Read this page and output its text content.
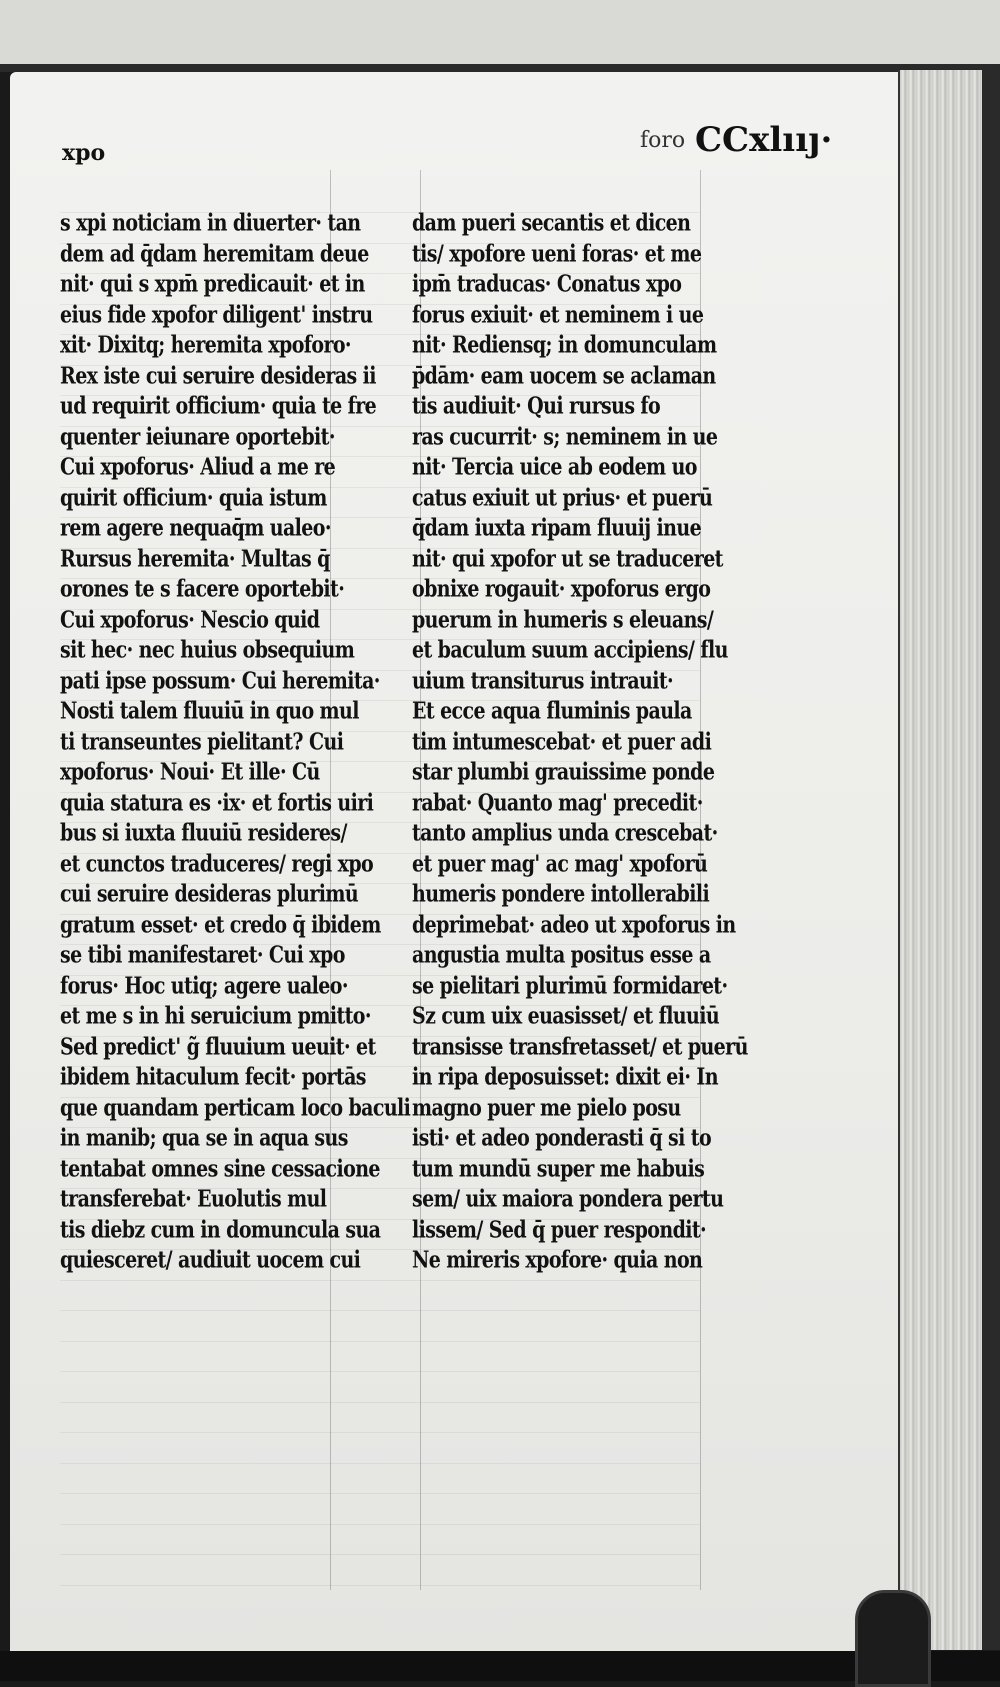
xpo	foro CCxlııȷ·
s xpi noticiam in diuerter· tan
dem ad q̄dam heremitam deue
nit· qui s xpm̄ predicauit· et in
eius fide xpofor diligent' instru
xit· Dixitq; heremita xpoforo·
Rex iste cui seruire desideras ii
ud requirit officium· quia te fre
quenter ieiunare oportebit·
Cui xpoforus· Aliud a me re
quirit officium· quia istum
rem agere nequaq̄m ualeo·
Rursus heremita· Multas q̄
orones te s facere oportebit·
Cui xpoforus· Nescio quid
sit hec· nec huius obsequium
pati ipse possum· Cui heremita·
Nosti talem fluuiū in quo mul
ti transeuntes pielitant? Cui
xpoforus· Noui· Et ille· Cū
quia statura es ·ix· et fortis uiri
bus si iuxta fluuiū resideres/
et cunctos traduceres/ regi xpo
cui seruire desideras plurimū
gratum esset· et credo q̄ ibidem
se tibi manifestaret· Cui xpo
forus· Hoc utiq; agere ualeo·
et me s in hi seruicium pmitto·
Sed predict' g̃ fluuium ueuit· et
ibidem hitaculum fecit· portās
que quandam perticam loco baculi
in manib; qua se in aqua sus
tentabat omnes sine cessacione
transferebat· Euolutis mul
tis diebz cum in domuncula sua
quiesceret/ audiuit uocem cui
dam pueri secantis et dicen
tis/ xpofore ueni foras· et me
ipm̄ traducas· Conatus xpo
forus exiuit· et neminem i ue
nit· Rediensq; in domunculam
p̄dām· eam uocem se aclaman
tis audiuit· Qui rursus fo
ras cucurrit· s; neminem in ue
nit· Tercia uice ab eodem uo
catus exiuit ut prius· et puerū
q̄dam iuxta ripam fluuij inue
nit· qui xpofor ut se traduceret
obnixe rogauit· xpoforus ergo
puerum in humeris s eleuans/
et baculum suum accipiens/ flu
uium transiturus intrauit·
Et ecce aqua fluminis paula
tim intumescebat· et puer adi
star plumbi grauissime ponde
rabat· Quanto mag' precedit·
tanto amplius unda crescebat·
et puer mag' ac mag' xpoforū
humeris pondere intollerabili
deprimebat· adeo ut xpoforus in
angustia multa positus esse a
se pielitari plurimū formidaret·
Sz cum uix euasisset/ et fluuiū
transisse transfretasset/ et puerū
in ripa deposuisset: dixit ei· In
magno puer me pielo posu
isti· et adeo ponderasti q̄ si to
tum mundū super me habuis
sem/ uix maiora pondera pertu
lissem/ Sed q̄ puer respondit·
Ne mireris xpofore· quia non
